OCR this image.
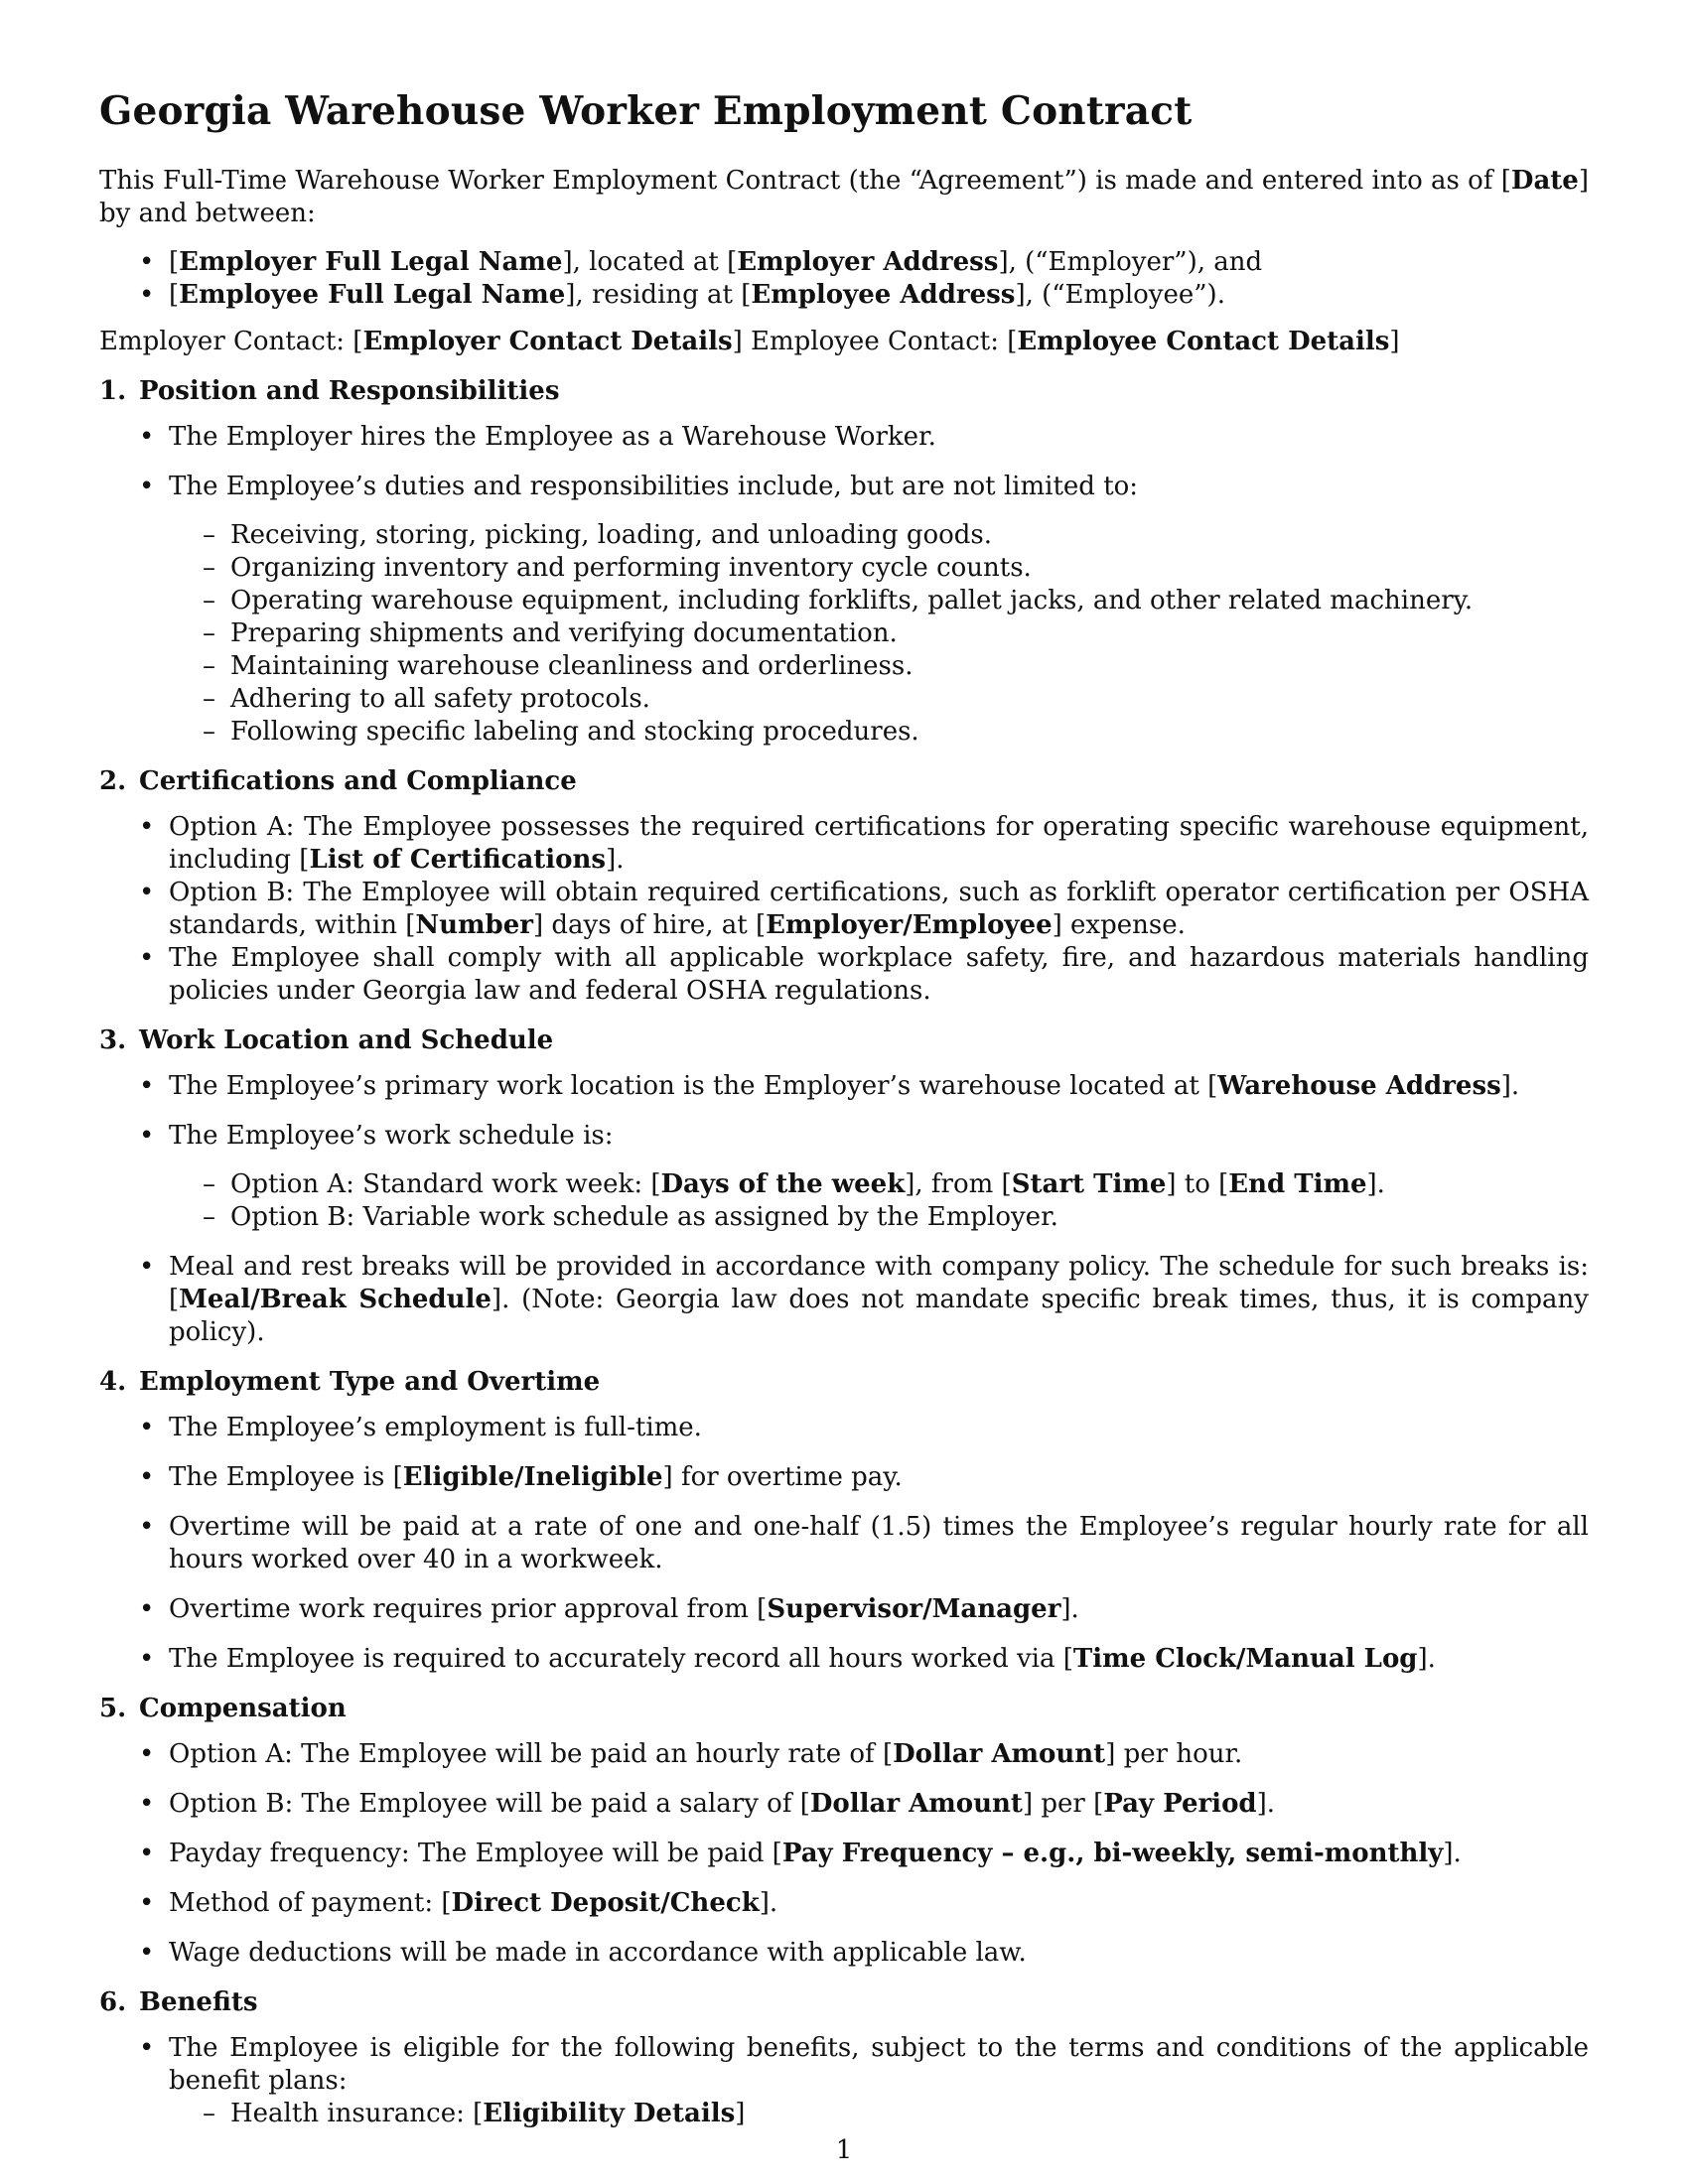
Georgia Warehouse Worker Employment Contract

This Full-Time Warehouse Worker Employment Contract (the “Agreement”) is made and entered into as of [Date] by and between:

• [Employer Full Legal Name], located at [Employer Address], (“Employer”), and
• [Employee Full Legal Name], residing at [Employee Address], (“Employee”).

Employer Contact: [Employer Contact Details] Employee Contact: [Employee Contact Details]

1. Position and Responsibilities
• The Employer hires the Employee as a Warehouse Worker.
• The Employee’s duties and responsibilities include, but are not limited to:
– Receiving, storing, picking, loading, and unloading goods.
– Organizing inventory and performing inventory cycle counts.
– Operating warehouse equipment, including forklifts, pallet jacks, and other related machinery.
– Preparing shipments and verifying documentation.
– Maintaining warehouse cleanliness and orderliness.
– Adhering to all safety protocols.
– Following specific labeling and stocking procedures.
2. Certifications and Compliance
• Option A: The Employee possesses the required certifications for operating specific warehouse equipment, including [List of Certifications].
• Option B: The Employee will obtain required certifications, such as forklift operator certification per OSHA standards, within [Number] days of hire, at [Employer/Employee] expense.
• The Employee shall comply with all applicable workplace safety, fire, and hazardous materials handling policies under Georgia law and federal OSHA regulations.
3. Work Location and Schedule
• The Employee’s primary work location is the Employer’s warehouse located at [Warehouse Address].
• The Employee’s work schedule is:
– Option A: Standard work week: [Days of the week], from [Start Time] to [End Time].
– Option B: Variable work schedule as assigned by the Employer.
• Meal and rest breaks will be provided in accordance with company policy. The schedule for such breaks is: [Meal/Break Schedule]. (Note: Georgia law does not mandate specific break times, thus, it is company policy).
4. Employment Type and Overtime
• The Employee’s employment is full-time.
• The Employee is [Eligible/Ineligible] for overtime pay.
• Overtime will be paid at a rate of one and one-half (1.5) times the Employee’s regular hourly rate for all hours worked over 40 in a workweek.
• Overtime work requires prior approval from [Supervisor/Manager].
• The Employee is required to accurately record all hours worked via [Time Clock/Manual Log].
5. Compensation
• Option A: The Employee will be paid an hourly rate of [Dollar Amount] per hour.
• Option B: The Employee will be paid a salary of [Dollar Amount] per [Pay Period].
• Payday frequency: The Employee will be paid [Pay Frequency – e.g., bi-weekly, semi-monthly].
• Method of payment: [Direct Deposit/Check].
• Wage deductions will be made in accordance with applicable law.
6. Benefits
• The Employee is eligible for the following benefits, subject to the terms and conditions of the applicable benefit plans:
– Health insurance: [Eligibility Details]
1
